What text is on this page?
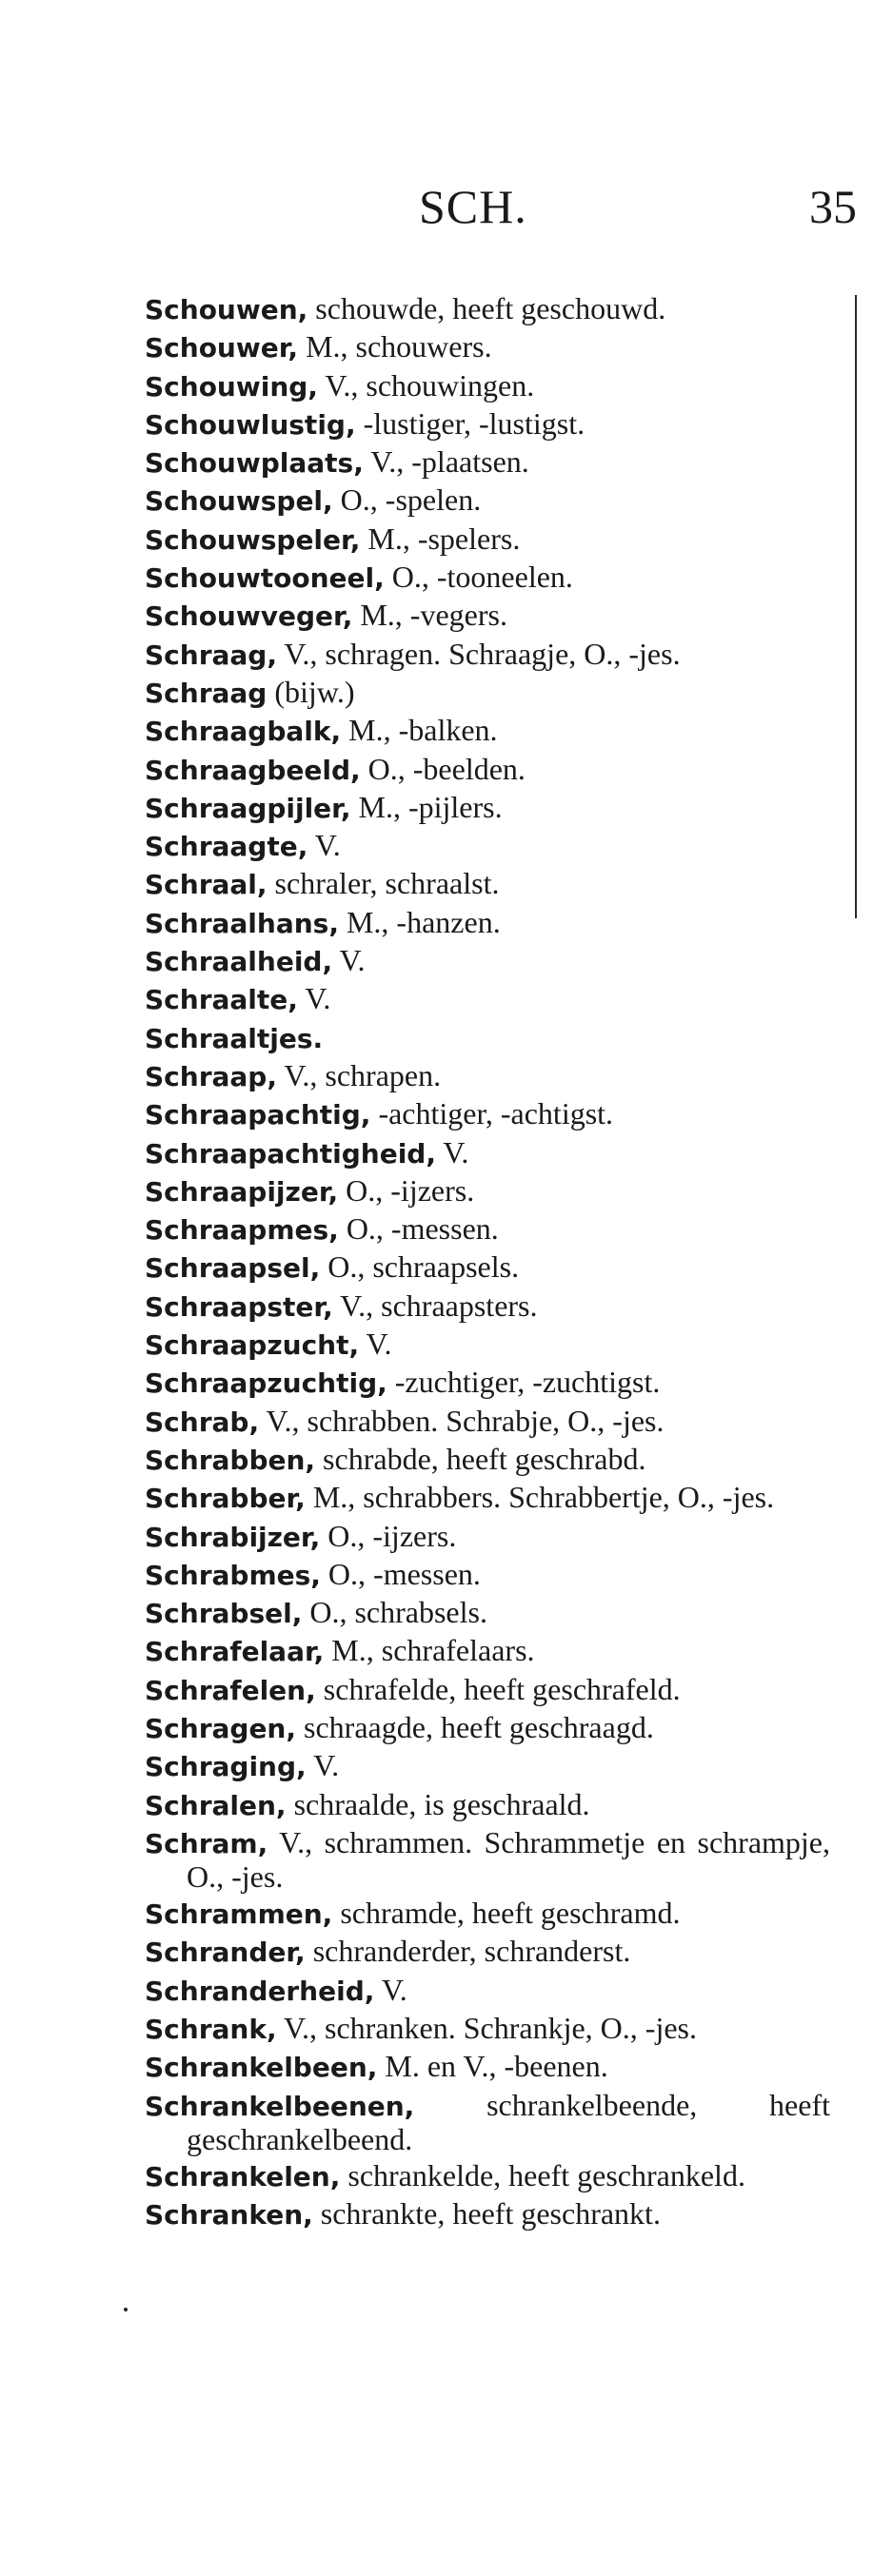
SCH.	35
Schouwen, schouwde, heeft geschouwd.
Schouwer, M., schouwers.
Schouwing, V., schouwingen.
Schouwlustig, -lustiger, -lustigst.
Schouwplaats, V., -plaatsen.
Schouwspel, O., -spelen.
Schouwspeler, M., -spelers.
Schouwtooneel, O., -tooneelen.
Schouwveger, M., -vegers.
Schraag, V., schragen. Schraagje, O., -jes.
Schraag (bijw.)
Schraagbalk, M., -balken.
Schraagbeeld, O., -beelden.
Schraagpijler, M., -pijlers.
Schraagte, V.
Schraal, schraler, schraalst.
Schraalhans, M., -hanzen.
Schraalheid, V.
Schraalte, V.
Schraaltjes.
Schraap, V., schrapen.
Schraapachtig, -achtiger, -achtigst.
Schraapachtigheid, V.
Schraapijzer, O., -ijzers.
Schraapmes, O., -messen.
Schraapsel, O., schraapsels.
Schraapster, V., schraapsters.
Schraapzucht, V.
Schraapzuchtig, -zuchtiger, -zuchtigst.
Schrab, V., schrabben. Schrabje, O., -jes.
Schrabben, schrabde, heeft geschrabd.
Schrabber, M., schrabbers. Schrabbertje, O., -jes.
Schrabijzer, O., -ijzers.
Schrabmes, O., -messen.
Schrabsel, O., schrabsels.
Schrafelaar, M., schrafelaars.
Schrafelen, schrafelde, heeft geschrafeld.
Schragen, schraagde, heeft geschraagd.
Schraging, V.
Schralen, schraalde, is geschraald.
Schram, V., schrammen. Schrammetje en schrampje, O., -jes.
Schrammen, schramde, heeft geschramd.
Schrander, schranderder, schranderst.
Schranderheid, V.
Schrank, V., schranken. Schrankje, O., -jes.
Schrankelbeen, M. en V., -beenen.
Schrankelbeenen, schrankelbeende, heeft geschrankelbeend.
Schrankelen, schrankelde, heeft geschrankeld.
Schranken, schrankte, heeft geschrankt.
